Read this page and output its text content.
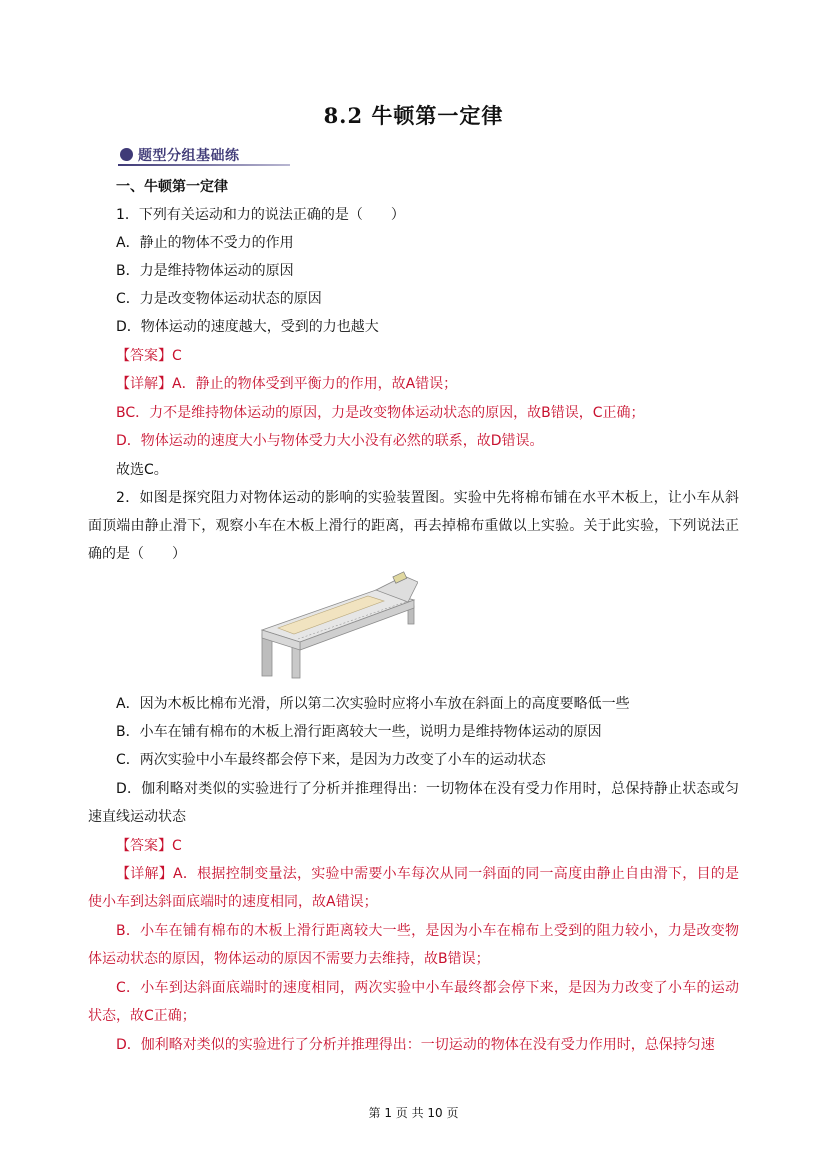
8.2 牛顿第一定律
题型分组基础练
一、牛顿第一定律
1．下列有关运动和力的说法正确的是（　　）
A．静止的物体不受力的作用
B．力是维持物体运动的原因
C．力是改变物体运动状态的原因
D．物体运动的速度越大，受到的力也越大
【答案】C
【详解】A．静止的物体受到平衡力的作用，故A错误；
BC．力不是维持物体运动的原因，力是改变物体运动状态的原因，故B错误，C正确；
D．物体运动的速度大小与物体受力大小没有必然的联系，故D错误。
故选C。
2．如图是探究阻力对物体运动的影响的实验装置图。实验中先将棉布铺在水平木板上，让小车从斜面顶端由静止滑下，观察小车在木板上滑行的距离，再去掉棉布重做以上实验。关于此实验，下列说法正确的是（　　）
A．因为木板比棉布光滑，所以第二次实验时应将小车放在斜面上的高度要略低一些
B．小车在铺有棉布的木板上滑行距离较大一些，说明力是维持物体运动的原因
C．两次实验中小车最终都会停下来，是因为力改变了小车的运动状态
D．伽利略对类似的实验进行了分析并推理得出：一切物体在没有受力作用时，总保持静止状态或匀速直线运动状态
【答案】C
【详解】A．根据控制变量法，实验中需要小车每次从同一斜面的同一高度由静止自由滑下，目的是使小车到达斜面底端时的速度相同，故A错误；
B．小车在铺有棉布的木板上滑行距离较大一些，是因为小车在棉布上受到的阻力较小，力是改变物体运动状态的原因，物体运动的原因不需要力去维持，故B错误；
C．小车到达斜面底端时的速度相同，两次实验中小车最终都会停下来，是因为力改变了小车的运动状态，故C正确；
D．伽利略对类似的实验进行了分析并推理得出：一切运动的物体在没有受力作用时，总保持匀速
第 1 页 共 10 页
